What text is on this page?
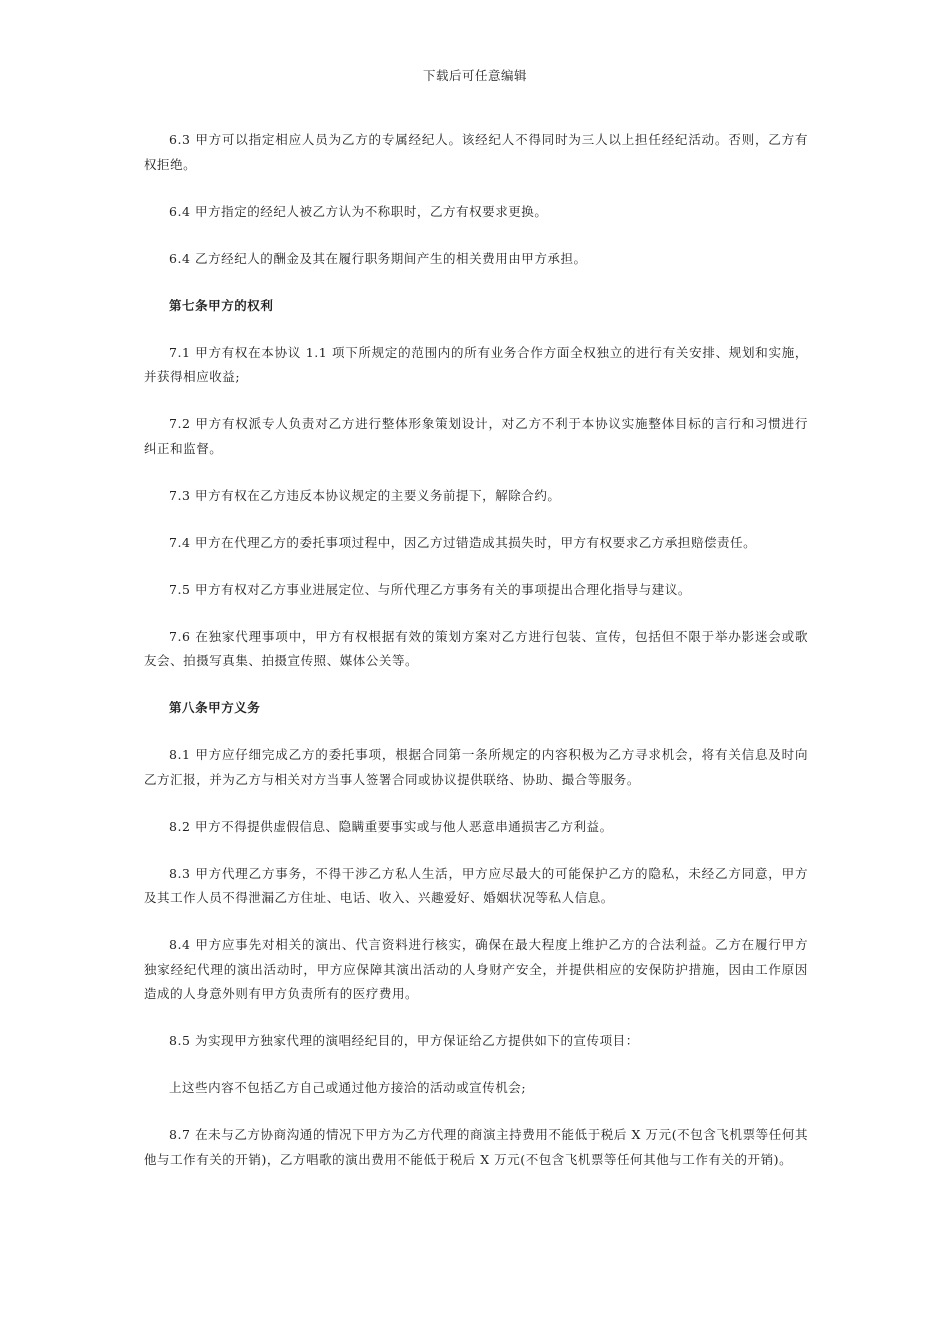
下载后可任意编辑

6.3 甲方可以指定相应人员为乙方的专属经纪人。该经纪人不得同时为三人以上担任经纪活动。否则，乙方有权拒绝。

6.4 甲方指定的经纪人被乙方认为不称职时，乙方有权要求更换。

6.4 乙方经纪人的酬金及其在履行职务期间产生的相关费用由甲方承担。

第七条甲方的权利

7.1 甲方有权在本协议 1.1 项下所规定的范围内的所有业务合作方面全权独立的进行有关安排、规划和实施，并获得相应收益;

7.2 甲方有权派专人负责对乙方进行整体形象策划设计，对乙方不利于本协议实施整体目标的言行和习惯进行纠正和监督。

7.3 甲方有权在乙方违反本协议规定的主要义务前提下，解除合约。

7.4 甲方在代理乙方的委托事项过程中，因乙方过错造成其损失时，甲方有权要求乙方承担赔偿责任。

7.5 甲方有权对乙方事业进展定位、与所代理乙方事务有关的事项提出合理化指导与建议。

7.6 在独家代理事项中，甲方有权根据有效的策划方案对乙方进行包装、宣传，包括但不限于举办影迷会或歌友会、拍摄写真集、拍摄宣传照、媒体公关等。

第八条甲方义务

8.1 甲方应仔细完成乙方的委托事项，根据合同第一条所规定的内容积极为乙方寻求机会，将有关信息及时向乙方汇报，并为乙方与相关对方当事人签署合同或协议提供联络、协助、撮合等服务。

8.2 甲方不得提供虚假信息、隐瞒重要事实或与他人恶意串通损害乙方利益。

8.3 甲方代理乙方事务，不得干涉乙方私人生活，甲方应尽最大的可能保护乙方的隐私，未经乙方同意，甲方及其工作人员不得泄漏乙方住址、电话、收入、兴趣爱好、婚姻状况等私人信息。

8.4 甲方应事先对相关的演出、代言资料进行核实，确保在最大程度上维护乙方的合法利益。乙方在履行甲方独家经纪代理的演出活动时，甲方应保障其演出活动的人身财产安全，并提供相应的安保防护措施，因由工作原因造成的人身意外则有甲方负责所有的医疗费用。

8.5 为实现甲方独家代理的演唱经纪目的，甲方保证给乙方提供如下的宣传项目：

上这些内容不包括乙方自己或通过他方接洽的活动或宣传机会;

8.7 在未与乙方协商沟通的情况下甲方为乙方代理的商演主持费用不能低于税后 X 万元(不包含飞机票等任何其他与工作有关的开销)，乙方唱歌的演出费用不能低于税后 X 万元(不包含飞机票等任何其他与工作有关的开销)。
